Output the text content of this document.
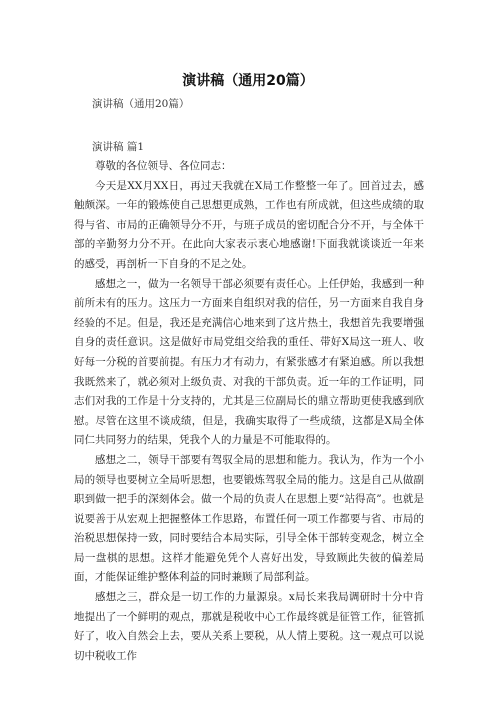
演讲稿（通用20篇）
演讲稿（通用20篇）
演讲稿 篇1

尊敬的各位领导、各位同志：

今天是XX月XX日，再过天我就在X局工作整整一年了。回首过去，感触颇深。一年的锻炼使自己思想更成熟，工作也有所成就，但这些成绩的取得与省、市局的正确领导分不开，与班子成员的密切配合分不开，与全体干部的辛勤努力分不开。在此向大家表示衷心地感谢!下面我就谈谈近一年来的感受，再剖析一下自身的不足之处。

感想之一，做为一名领导干部必须要有责任心。上任伊始，我感到一种前所未有的压力。这压力一方面来自组织对我的信任，另一方面来自我自身经验的不足。但是，我还是充满信心地来到了这片热土，我想首先我要增强自身的责任意识。这是做好市局党组交给我的重任、带好X局这一班人、收好每一分税的首要前提。有压力才有动力，有紧张感才有紧迫感。所以我想我既然来了，就必须对上级负责、对我的干部负责。近一年的工作证明，同志们对我的工作是十分支持的，尤其是三位副局长的鼎立帮助更使我感到欣慰。尽管在这里不谈成绩，但是，我确实取得了一些成绩，这都是X局全体同仁共同努力的结果，凭我个人的力量是不可能取得的。

感想之二，领导干部要有驾驭全局的思想和能力。我认为，作为一个小局的领导也要树立全局听思想，也要锻炼驾驭全局的能力。这是自己从做副职到做一把手的深刻体会。做一个局的负责人在思想上要“站得高”。也就是说要善于从宏观上把握整体工作思路，布置任何一项工作都要与省、市局的治税思想保持一致，同时要结合本局实际，引导全体干部转变观念，树立全局一盘棋的思想。这样才能避免凭个人喜好出发，导致顾此失彼的偏差局面，才能保证维护整体利益的同时兼顾了局部利益。

感想之三，群众是一切工作的力量源泉。x局长来我局调研时十分中肯地提出了一个鲜明的观点，那就是税收中心工作最终就是征管工作，征管抓好了，收入自然会上去，要从关系上要税，从人情上要税。这一观点可以说切中税收工作
